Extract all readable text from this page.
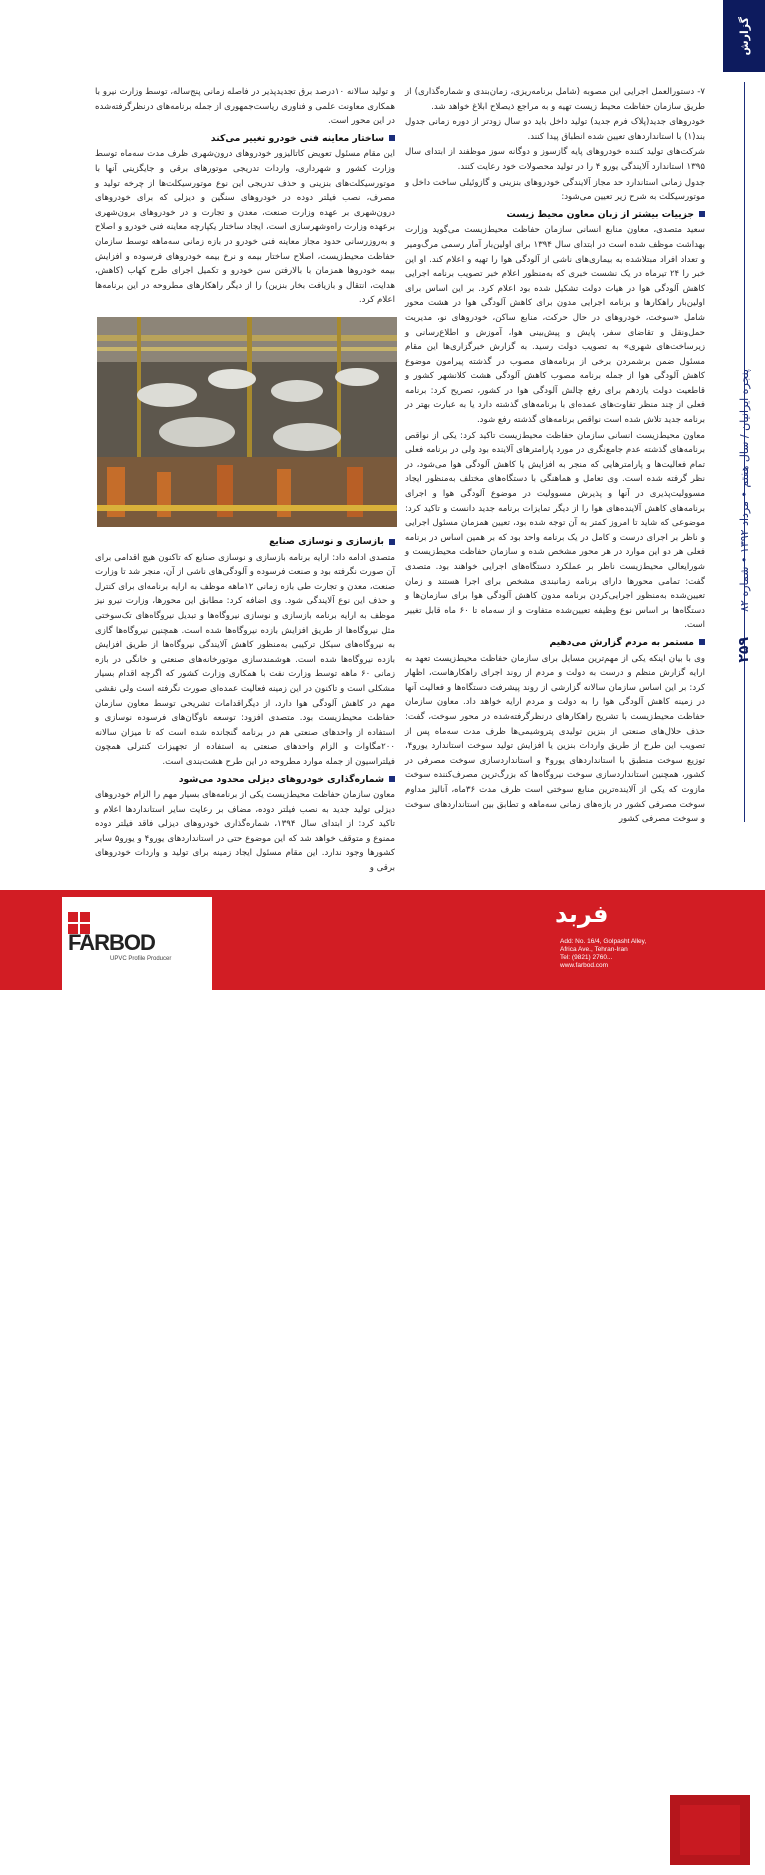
گزارش
پنجره ایرانیان / سال هفتم • مرداد ۱۳۹۲ • شماره ۸۲
۲۵۹

۷- دستورالعمل اجرایی این مصوبه (شامل برنامه‌ریزی، زمان‌بندی و شماره‌گذاری) از طریق سازمان حفاظت محیط زیست تهیه و به مراجع ذیصلاح ابلاغ خواهد شد.

خودروهای جدید(پلاک فرم جدید) تولید داخل باید دو سال زودتر از دوره زمانی جدول بند(۱) با استانداردهای تعیین شده انطباق پیدا کنند.

شرکت‌های تولید کننده خودروهای پایه گازسوز و دوگانه سوز موظفند از ابتدای سال ۱۳۹۵ استاندارد آلایندگی یورو ۴ را در تولید محصولات خود رعایت کنند.

جدول زمانی استاندارد حد مجاز آلایندگی خودروهای بنزینی و گازوئیلی ساخت داخل و موتورسیکلت به شرح زیر تعیین می‌شود:

جزییات بیشتر از زبان معاون محیط زیست

سعید متصدی، معاون منابع انسانی سازمان حفاظت محیط‌زیست می‌گوید وزارت بهداشت موظف شده است در ابتدای سال ۱۳۹۴ برای اولین‌بار آمار رسمی مرگ‌ومیر و تعداد افراد مبتلاشده به بیماری‌های ناشی از آلودگی هوا را تهیه و اعلام کند. او این خبر را ۲۴ تیرماه در یک نشست خبری که به‌منظور اعلام خبر تصویب برنامه اجرایی کاهش آلودگی هوا در هیات دولت تشکیل شده بود اعلام کرد. بر این اساس برای اولین‌بار راهکارها و برنامه اجرایی مدون برای کاهش آلودگی هوا در هشت محور شامل «سوخت، خودروهای در حال حرکت، منابع ساکن، خودروهای نو، مدیریت حمل‌ونقل و تقاضای سفر، پایش و پیش‌بینی هوا، آموزش و اطلاع‌رسانی و زیرساخت‌های شهری» به تصویب دولت رسید. به گزارش خبرگزاری‌ها این مقام مسئول ضمن برشمردن برخی از برنامه‌های مصوب در گذشته پیرامون موضوع کاهش آلودگی هوا از جمله برنامه مصوب کاهش آلودگی هشت کلانشهر کشور و قاطعیت دولت یازدهم برای رفع چالش آلودگی هوا در کشور، تصریح کرد: برنامه فعلی از چند منظر تفاوت‌های عمده‌ای با برنامه‌های گذشته دارد یا به عبارت بهتر در برنامه جدید تلاش شده است نواقص برنامه‌های گذشته رفع شود.

معاون محیط‌زیست انسانی سازمان حفاظت محیط‌زیست تاکید کرد: یکی از نواقص برنامه‌های گذشته عدم جامع‌نگری در مورد پارامترهای آلاینده بود ولی در برنامه فعلی تمام فعالیت‌ها و پارامترهایی که منجر به افزایش یا کاهش آلودگی هوا می‌شود، در نظر گرفته شده است. وی تعامل و هماهنگی با دستگاه‌های مختلف به‌منظور ایجاد مسوولیت‌پذیری در آنها و پذیرش مسوولیت در موضوع آلودگی هوا و اجرای برنامه‌های کاهش آلاینده‌های هوا را از دیگر تمایزات برنامه جدید دانست و تاکید کرد: موضوعی که شاید تا امروز کمتر به آن توجه شده بود، تعیین همزمان مسئول اجرایی و ناظر بر اجرای درست و کامل در یک برنامه واحد بود که بر همین اساس در برنامه فعلی هر دو این موارد در هر محور مشخص شده و سازمان حفاظت محیط‌زیست و شورایعالی محیط‌زیست ناظر بر عملکرد دستگاه‌های اجرایی خواهند بود. متصدی گفت: تمامی محورها دارای برنامه زمانبندی مشخص برای اجرا هستند و زمان تعیین‌شده به‌منظور اجرایی‌کردن برنامه مدون کاهش آلودگی هوا برای سازمان‌ها و دستگاه‌ها بر اساس نوع وظیفه تعیین‌شده متفاوت و از سه‌ماه تا ۶۰ ماه قابل تغییر است.

مستمر به مردم گزارش می‌دهیم

وی با بیان اینکه یکی از مهم‌ترین مسایل برای سازمان حفاظت محیط‌زیست تعهد به ارایه گزارش منظم و درست به دولت و مردم از روند اجرای راهکارهاست، اظهار کرد: بر این اساس سازمان سالانه گزارشی از روند پیشرفت دستگاه‌ها و فعالیت آنها در زمینه کاهش آلودگی هوا را به دولت و مردم ارایه خواهد داد. معاون سازمان حفاظت محیط‌زیست با تشریح راهکارهای درنظرگرفته‌شده در محور سوخت، گفت: حذف حلال‌های صنعتی از بنزین تولیدی پتروشیمی‌ها ظرف مدت سه‌ماه پس از تصویب این طرح از طریق واردات بنزین یا افزایش تولید سوخت استاندارد یورو۴، توزیع سوخت منطبق با استانداردهای یورو۴ و استانداردسازی سوخت مصرفی در کشور، همچنین استانداردسازی سوخت نیروگاه‌ها که بزرگ‌ترین مصرف‌کننده سوخت مازوت که یکی از آلاینده‌ترین منابع سوختی است ظرف مدت ۳۶ماه، آنالیز مداوم سوخت مصرفی کشور در بازه‌های زمانی سه‌ماهه و تطابق بین استانداردهای سوخت و سوخت مصرفی کشور

و تولید سالانه ۱۰درصد برق تجدیدپذیر در فاصله زمانی پنج‌ساله، توسط وزارت نیرو با همکاری معاونت علمی و فناوری ریاست‌جمهوری از جمله برنامه‌های درنظرگرفته‌شده در این محور است.

ساختار معاینه فنی خودرو تغییر می‌کند

این مقام مسئول تعویض کاتالیزور خودروهای درون‌شهری ظرف مدت سه‌ماه توسط وزارت کشور و شهرداری، واردات تدریجی موتورهای برقی و جایگزینی آنها با موتورسیکلت‌های بنزینی و حذف تدریجی این نوع موتورسیکلت‌ها از چرخه تولید و مصرف، نصب فیلتر دوده در خودروهای سنگین و دیزلی که برای خودروهای درون‌شهری بر عهده وزارت صنعت، معدن و تجارت و در خودروهای برون‌شهری برعهده وزارت راه‌وشهرسازی است، ایجاد ساختار یکپارچه معاینه فنی خودرو و اصلاح و به‌روزرسانی حدود مجاز معاینه فنی خودرو در بازه زمانی سه‌ماهه توسط سازمان حفاظت محیط‌زیست، اصلاح ساختار بیمه و نرخ بیمه خودروهای فرسوده و افزایش بیمه خودروها همزمان با بالارفتن سن خودرو و تکمیل اجرای طرح کهاب (کاهش، هدایت، انتقال و بازیافت بخار بنزین) را از دیگر راهکارهای مطروحه در این برنامه‌ها اعلام کرد.

بازسازی و نوسازی صنایع

متصدی ادامه داد: ارایه برنامه بازسازی و نوسازی صنایع که تاکنون هیچ اقدامی برای آن صورت نگرفته بود و صنعت فرسوده و آلودگی‌های ناشی از آن، منجر شد تا وزارت صنعت، معدن و تجارت طی بازه زمانی ۱۲ماهه موظف به ارایه برنامه‌ای برای کنترل و حذف این نوع آلایندگی شود. وی اضافه کرد: مطابق این محورها، وزارت نیرو نیز موظف به ارایه برنامه بازسازی و نوسازی نیروگاه‌ها و تبدیل نیروگاه‌های تک‌سوختی مثل نیروگاه‌ها از طریق افزایش بازده نیروگاه‌ها شده است. همچنین نیروگاه‌ها گازی به نیروگاه‌های سیکل ترکیبی به‌منظور کاهش آلایندگی نیروگاه‌ها از طریق افزایش بازده نیروگاه‌ها شده است. هوشمندسازی موتورخانه‌های صنعتی و خانگی در بازه زمانی ۶۰ ماهه توسط وزارت نفت با همکاری وزارت کشور که اگرچه اقدام بسیار مشکلی است و تاکنون در این زمینه فعالیت عمده‌ای صورت نگرفته است ولی نقشی مهم در کاهش آلودگی هوا دارد، از دیگراقدامات تشریحی توسط معاون سازمان حفاظت محیط‌زیست بود. متصدی افزود: توسعه ناوگان‌های فرسوده نوسازی و استفاده از واحدهای صنعتی هم در برنامه گنجانده شده است که تا میزان سالانه ۲۰۰مگاوات و الزام واحدهای صنعتی به استفاده از تجهیزات کنترلی همچون فیلتراسیون از جمله موارد مطروحه در این طرح هشت‌بندی است.

شماره‌گذاری خودروهای دیزلی محدود می‌شود

معاون سازمان حفاظت محیط‌زیست یکی از برنامه‌های بسیار مهم را الزام خودروهای دیزلی تولید جدید به نصب فیلتر دوده، مضاف بر رعایت سایر استانداردها اعلام و تاکید کرد: از ابتدای سال ۱۳۹۴، شماره‌گذاری خودروهای دیزلی فاقد فیلتر دوده ممنوع و متوقف خواهد شد که این موضوع حتی در استانداردهای یورو۴ و یورو۵ سایر کشورها وجود ندارد. این مقام مسئول ایجاد زمینه برای تولید و واردات خودروهای برقی و

FARBOD
UPVC Profile Producer
فربد
Add: No. 16/4, Golpasht Alley,
Africa Ave., Tehran-Iran
Tel: (9821) 2760...
www.farbod.com
